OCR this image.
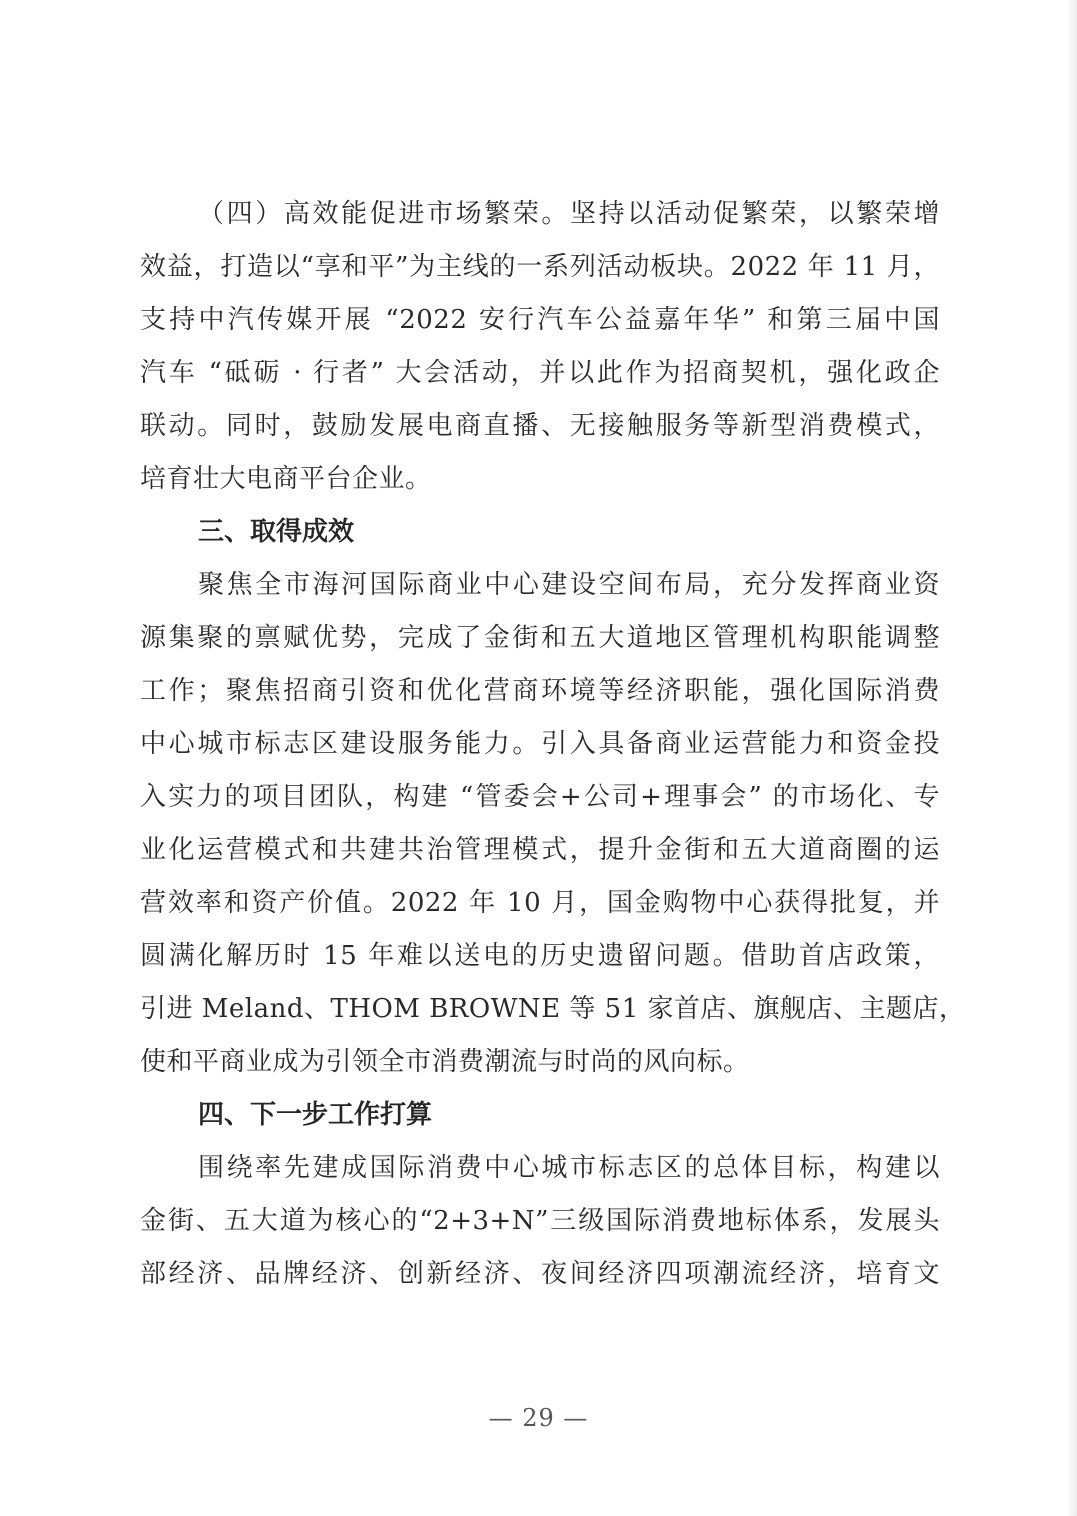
（四）高效能促进市场繁荣。坚持以活动促繁荣，以繁荣增
效益，打造以“享和平”为主线的一系列活动板块。2022 年 11 月，
支持中汽传媒开展 “2022 安行汽车公益嘉年华” 和第三届中国
汽车 “砥砺 · 行者” 大会活动，并以此作为招商契机，强化政企
联动。同时，鼓励发展电商直播、无接触服务等新型消费模式，
培育壮大电商平台企业。
三、取得成效
聚焦全市海河国际商业中心建设空间布局，充分发挥商业资
源集聚的禀赋优势，完成了金街和五大道地区管理机构职能调整
工作；聚焦招商引资和优化营商环境等经济职能，强化国际消费
中心城市标志区建设服务能力。引入具备商业运营能力和资金投
入实力的项目团队，构建 “管委会+公司+理事会” 的市场化、专
业化运营模式和共建共治管理模式，提升金街和五大道商圈的运
营效率和资产价值。2022 年 10 月，国金购物中心获得批复，并
圆满化解历时 15 年难以送电的历史遗留问题。借助首店政策，
引进 Meland、THOM BROWNE 等 51 家首店、旗舰店、主题店，
使和平商业成为引领全市消费潮流与时尚的风向标。
四、下一步工作打算
围绕率先建成国际消费中心城市标志区的总体目标，构建以
金街、五大道为核心的“2+3+N”三级国际消费地标体系，发展头
部经济、品牌经济、创新经济、夜间经济四项潮流经济，培育文
— 29 —
